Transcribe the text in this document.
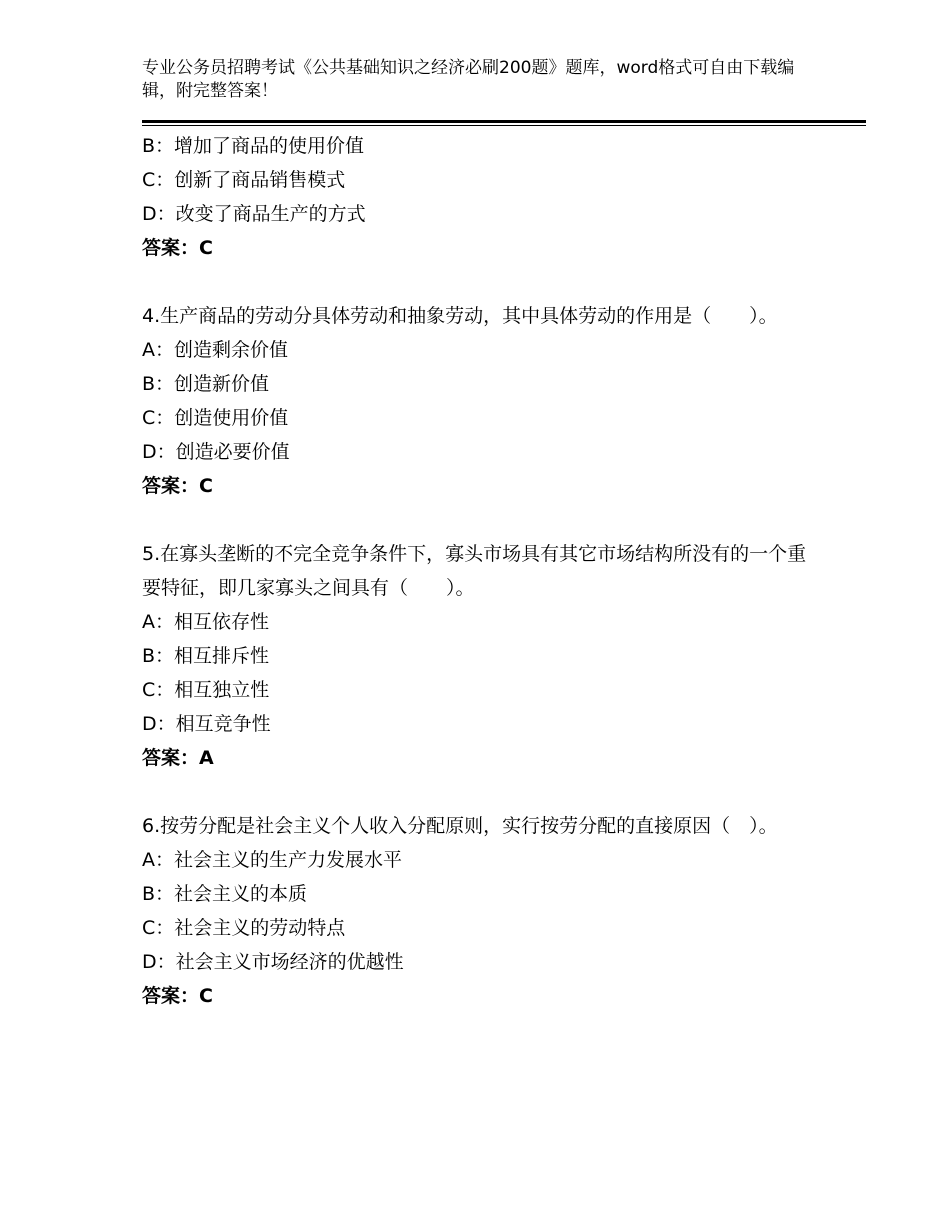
专业公务员招聘考试《公共基础知识之经济必刷200题》题库，word格式可自由下载编辑，附完整答案！
B：增加了商品的使用价值
C：创新了商品销售模式
D：改变了商品生产的方式
答案：C
4.生产商品的劳动分具体劳动和抽象劳动，其中具体劳动的作用是（　　）。
A：创造剩余价值
B：创造新价值
C：创造使用价值
D：创造必要价值
答案：C
5.在寡头垄断的不完全竞争条件下，寡头市场具有其它市场结构所没有的一个重要特征，即几家寡头之间具有（　　）。
A：相互依存性
B：相互排斥性
C：相互独立性
D：相互竞争性
答案：A
6.按劳分配是社会主义个人收入分配原则，实行按劳分配的直接原因（　）。
A：社会主义的生产力发展水平
B：社会主义的本质
C：社会主义的劳动特点
D：社会主义市场经济的优越性
答案：C
